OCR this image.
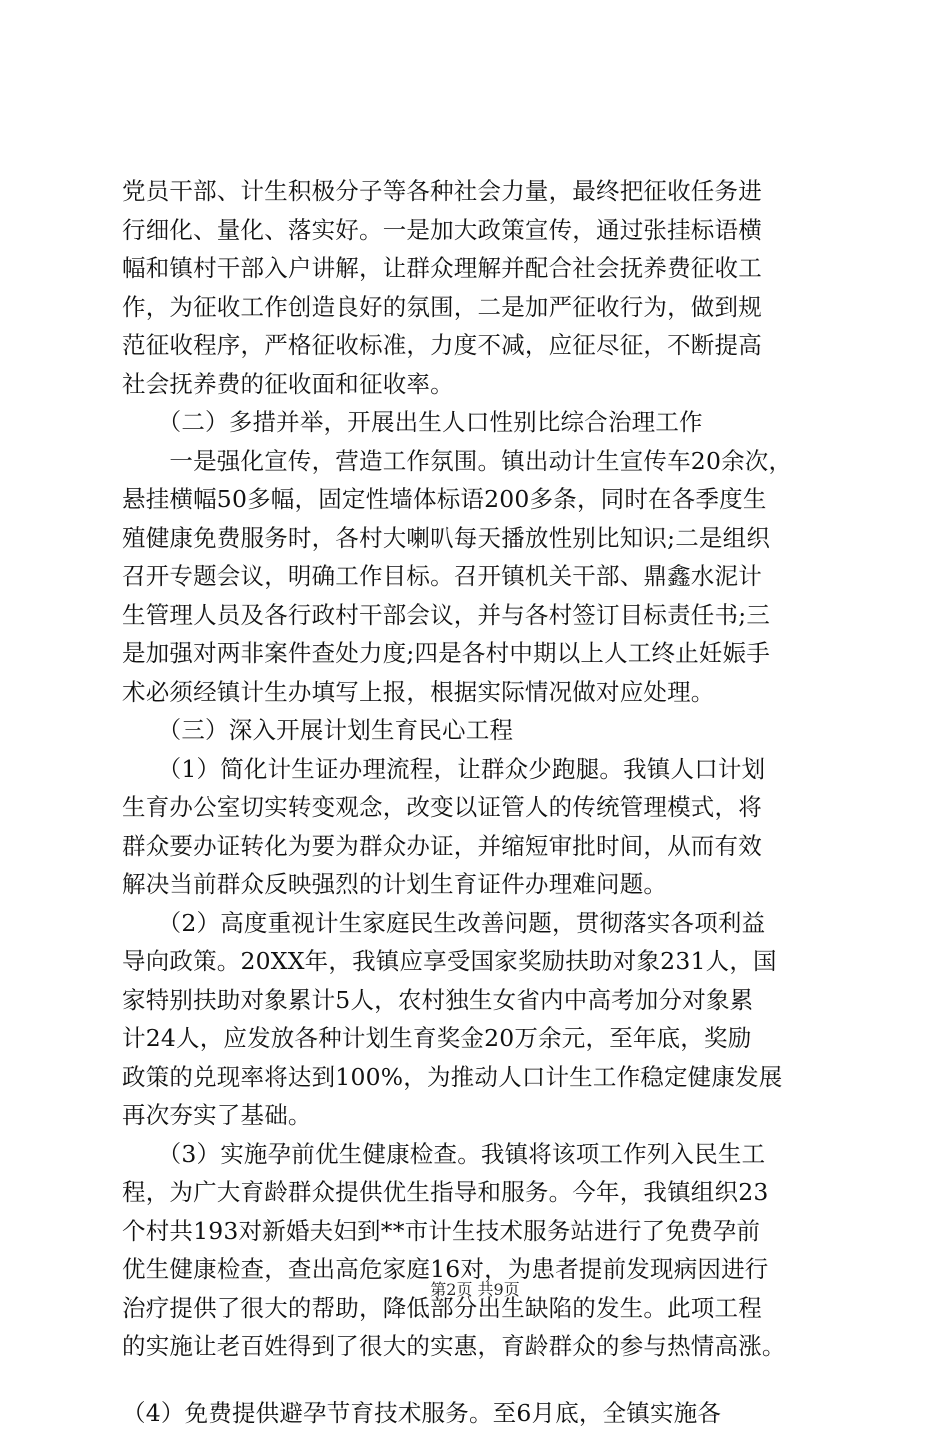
党员干部、计生积极分子等各种社会力量，最终把征收任务进
行细化、量化、落实好。一是加大政策宣传，通过张挂标语横
幅和镇村干部入户讲解，让群众理解并配合社会抚养费征收工
作，为征收工作创造良好的氛围，二是加严征收行为，做到规
范征收程序，严格征收标准，力度不减，应征尽征，不断提高
社会抚养费的征收面和征收率。
　　（二）多措并举，开展出生人口性别比综合治理工作
　　一是强化宣传，营造工作氛围。镇出动计生宣传车20余次，
悬挂横幅50多幅，固定性墙体标语200多条，同时在各季度生
殖健康免费服务时，各村大喇叭每天播放性别比知识;二是组织
召开专题会议，明确工作目标。召开镇机关干部、鼎鑫水泥计
生管理人员及各行政村干部会议，并与各村签订目标责任书;三
是加强对两非案件查处力度;四是各村中期以上人工终止妊娠手
术必须经镇计生办填写上报，根据实际情况做对应处理。
　　（三）深入开展计划生育民心工程
　　（1）简化计生证办理流程，让群众少跑腿。我镇人口计划
生育办公室切实转变观念，改变以证管人的传统管理模式，将
群众要办证转化为要为群众办证，并缩短审批时间，从而有效
解决当前群众反映强烈的计划生育证件办理难问题。
　　（2）高度重视计生家庭民生改善问题，贯彻落实各项利益
导向政策。20XX年，我镇应享受国家奖励扶助对象231人，国
家特别扶助对象累计5人，农村独生女省内中高考加分对象累
计24人，应发放各种计划生育奖金20万余元，至年底，奖励
政策的兑现率将达到100%，为推动人口计生工作稳定健康发展
再次夯实了基础。
　　（3）实施孕前优生健康检查。我镇将该项工作列入民生工
程，为广大育龄群众提供优生指导和服务。今年，我镇组织23
个村共193对新婚夫妇到**市计生技术服务站进行了免费孕前
优生健康检查，查出高危家庭16对，为患者提前发现病因进行
治疗提供了很大的帮助，降低部分出生缺陷的发生。此项工程
的实施让老百姓得到了很大的实惠，育龄群众的参与热情高涨。
（4）免费提供避孕节育技术服务。至6月底，全镇实施各
第2页 共9页
